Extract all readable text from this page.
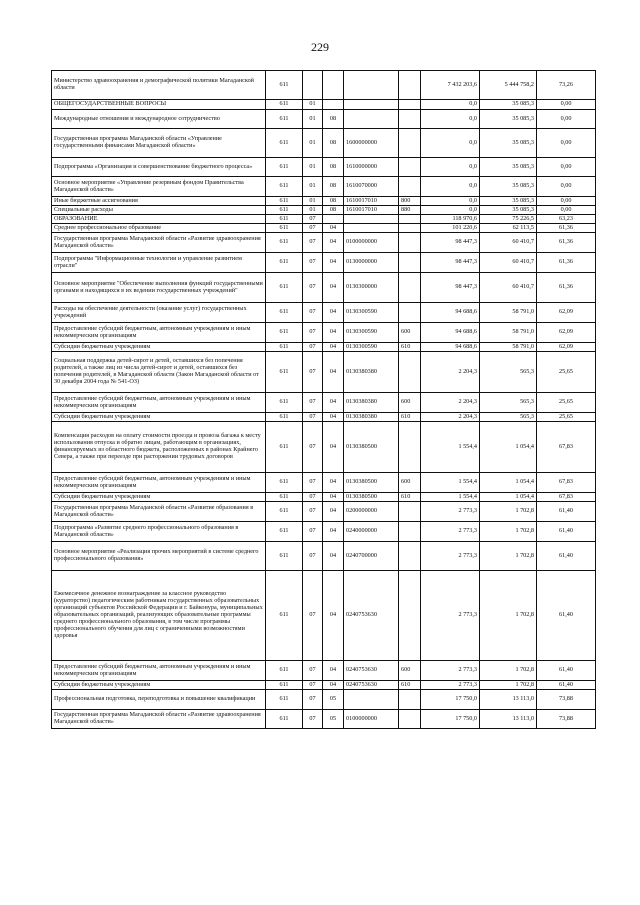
229
Министерство здравоохранения и демографической политики Магаданской области	611					7 432 203,6	5 444 758,2	73,26
ОБЩЕГОСУДАРСТВЕННЫЕ ВОПРОСЫ	611	01				0,0	35 085,3	0,00
Международные отношения и международное сотрудничество	611	01	08			0,0	35 085,3	0,00
Государственная программа Магаданской области «Управление государственными финансами Магаданской области»	611	01	08	1600000000		0,0	35 085,3	0,00
Подпрограмма «Организация и совершенствование бюджетного процесса»	611	01	08	1610000000		0,0	35 085,3	0,00
Основное мероприятие «Управление резервным фондом Правительства Магаданской области»	611	01	08	1610070000		0,0	35 085,3	0,00
Иные бюджетные ассигнования	611	01	08	1610017010	800	0,0	35 085,3	0,00
Специальные расходы	611	01	08	1610017010	880	0,0	35 085,3	0,00
ОБРАЗОВАНИЕ	611	07				118 970,6	75 226,5	63,23
Среднее профессиональное образование	611	07	04			101 220,6	62 113,5	61,36
Государственная программа Магаданской области «Развитие здравоохранения Магаданской области»	611	07	04	0100000000		98 447,3	60 410,7	61,36
Подпрограмма "Информационные технологии и управление развитием отрасли"	611	07	04	0130000000		98 447,3	60 410,7	61,36
Основное мероприятие "Обеспечение выполнения функций государственными органами и находящихся в их ведении государственных учреждений"	611	07	04	0130300000		98 447,3	60 410,7	61,36
Расходы на обеспечение деятельности (оказание услуг) государственных учреждений	611	07	04	0130300590		94 688,6	58 791,0	62,09
Предоставление субсидий бюджетным, автономным учреждениям и иным некоммерческим организациям	611	07	04	0130300590	600	94 688,6	58 791,0	62,09
Субсидии бюджетным учреждениям	611	07	04	0130300590	610	94 688,6	58 791,0	62,09
Социальная поддержка детей-сирот и детей, оставшихся без попечения родителей, а также лиц из числа детей-сирот и детей, оставшихся без попечения родителей, в Магаданской области (Закон Магаданской области от 30 декабря 2004 года № 541-ОЗ)	611	07	04	0130380380		2 204,3	565,3	25,65
Предоставление субсидий бюджетным, автономным учреждениям и иным некоммерческим организациям	611	07	04	0130380380	600	2 204,3	565,3	25,65
Субсидии бюджетным учреждениям	611	07	04	0130380380	610	2 204,3	565,3	25,65
Компенсация расходов на оплату стоимости проезда и провоза багажа к месту использования отпуска и обратно лицам, работающим в организациях, финансируемых из областного бюджета, расположенных в районах Крайнего Севера, а также при переезде при расторжении трудовых договоров	611	07	04	0130380500		1 554,4	1 054,4	67,83
Предоставление субсидий бюджетным, автономным учреждениям и иным некоммерческим организациям	611	07	04	0130380500	600	1 554,4	1 054,4	67,83
Субсидии бюджетным учреждениям	611	07	04	0130380500	610	1 554,4	1 054,4	67,83
Государственная программа Магаданской области «Развитие образования в Магаданской области»	611	07	04	0200000000		2 773,3	1 702,8	61,40
Подпрограмма «Развитие среднего профессионального образования в Магаданской области»	611	07	04	0240000000		2 773,3	1 702,8	61,40
Основное мероприятие «Реализация прочих мероприятий в системе среднего профессионального образования»	611	07	04	0240700000		2 773,3	1 702,8	61,40
Ежемесячное денежное вознаграждение за классное руководство (кураторство) педагогическим работникам государственных образовательных организаций субъектов Российской Федерации и г. Байконура, муниципальных образовательных организаций, реализующих образовательные программы среднего профессионального образования, в том числе программы профессионального обучения для лиц с ограниченными возможностями здоровья	611	07	04	0240753630		2 773,3	1 702,8	61,40
Предоставление субсидий бюджетным, автономным учреждениям и иным некоммерческим организациям	611	07	04	0240753630	600	2 773,3	1 702,8	61,40
Субсидии бюджетным учреждениям	611	07	04	0240753630	610	2 773,3	1 702,8	61,40
Профессиональная подготовка, переподготовка и повышение квалификации	611	07	05			17 750,0	13 113,0	73,88
Государственная программа Магаданской области «Развитие здравоохранения Магаданской области»	611	07	05	0100000000		17 750,0	13 113,0	73,88
